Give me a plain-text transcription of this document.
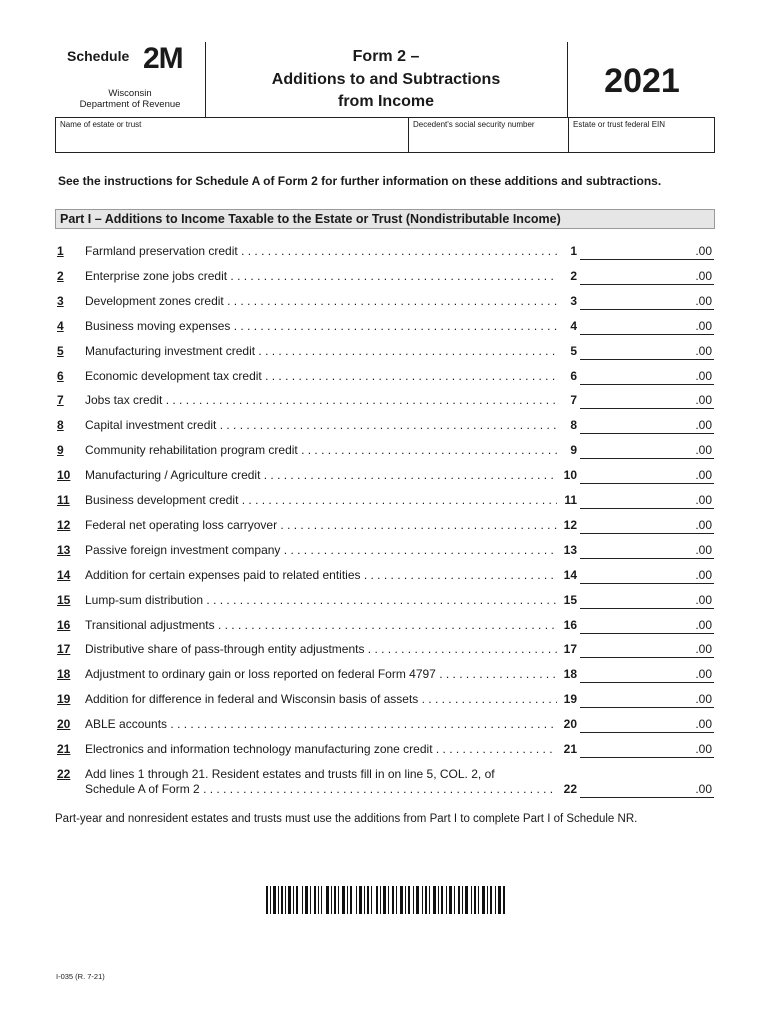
Schedule 2M
Wisconsin
Department of Revenue
Form 2 –
Additions to and Subtractions from Income
2021
Name of estate or trust	Decedent's social security number	Estate or trust federal EIN
See the instructions for Schedule A of Form 2 for further information on these additions and subtractions.
Part I – Additions to Income Taxable to the Estate or Trust (Nondistributable Income)
1 Farmland preservation credit . . .	1	.00
2 Enterprise zone jobs credit . . .	2	.00
3 Development zones credit . . .	3	.00
4 Business moving expenses . . .	4	.00
5 Manufacturing investment credit . . .	5	.00
6 Economic development tax credit . . .	6	.00
7 Jobs tax credit . . .	7	.00
8 Capital investment credit . . .	8	.00
9 Community rehabilitation program credit . . .	9	.00
10 Manufacturing / Agriculture credit . . .	10	.00
11 Business development credit . . .	11	.00
12 Federal net operating loss carryover . . .	12	.00
13 Passive foreign investment company . . .	13	.00
14 Addition for certain expenses paid to related entities . . .	14	.00
15 Lump-sum distribution . . .	15	.00
16 Transitional adjustments . . .	16	.00
17 Distributive share of pass-through entity adjustments . . .	17	.00
18 Adjustment to ordinary gain or loss reported on federal Form 4797 . . .	18	.00
19 Addition for difference in federal and Wisconsin basis of assets . . .	19	.00
20 ABLE accounts . . .	20	.00
21 Electronics and information technology manufacturing zone credit . . .	21	.00
22 Add lines 1 through 21. Resident estates and trusts fill in on line 5, COL. 2, of
Schedule A of Form 2 . . .	22	.00
Part-year and nonresident estates and trusts must use the additions from Part I to complete Part I of Schedule NR.
I-035 (R. 7-21)
